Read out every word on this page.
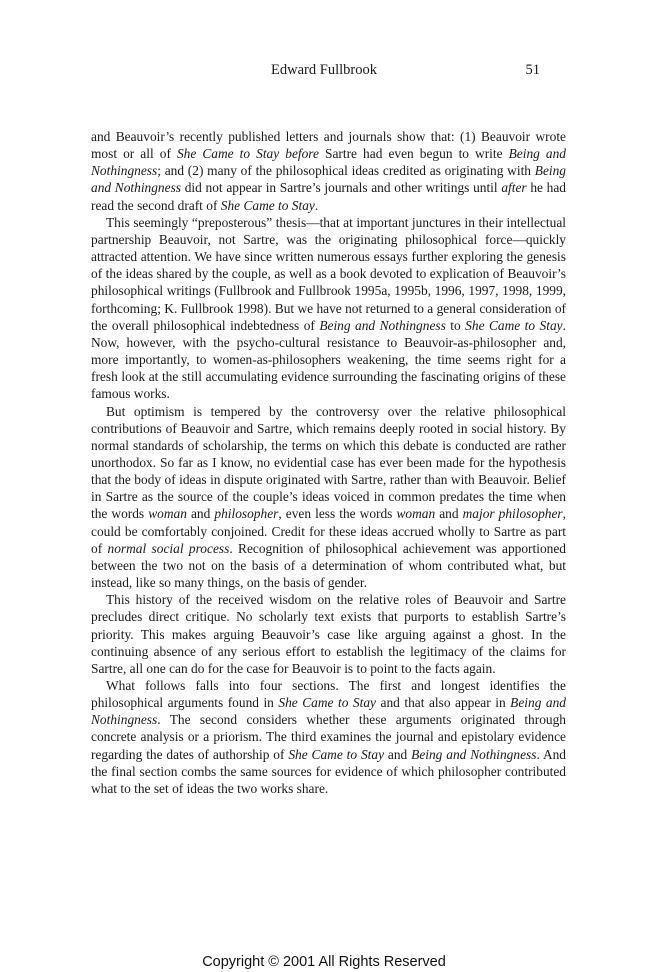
Edward Fullbrook	51

and Beauvoir’s recently published letters and journals show that: (1) Beauvoir wrote most or all of She Came to Stay before Sartre had even begun to write Being and Nothingness; and (2) many of the philosophical ideas credited as originating with Being and Nothingness did not appear in Sartre’s journals and other writings until after he had read the second draft of She Came to Stay.

This seemingly “preposterous” thesis—that at important junctures in their intellectual partnership Beauvoir, not Sartre, was the originating philosophical force—quickly attracted attention. We have since written numerous essays further exploring the genesis of the ideas shared by the couple, as well as a book devoted to explication of Beauvoir’s philosophical writings (Fullbrook and Fullbrook 1995a, 1995b, 1996, 1997, 1998, 1999, forthcoming; K. Fullbrook 1998). But we have not returned to a general consideration of the overall philosophical indebtedness of Being and Nothingness to She Came to Stay. Now, however, with the psycho-cultural resistance to Beauvoir-as-philosopher and, more importantly, to women-as-philosophers weakening, the time seems right for a fresh look at the still accumulating evidence surrounding the fascinating origins of these famous works.

But optimism is tempered by the controversy over the relative philosophical contributions of Beauvoir and Sartre, which remains deeply rooted in social history. By normal standards of scholarship, the terms on which this debate is conducted are rather unorthodox. So far as I know, no evidential case has ever been made for the hypothesis that the body of ideas in dispute originated with Sartre, rather than with Beauvoir. Belief in Sartre as the source of the couple’s ideas voiced in common predates the time when the words woman and philosopher, even less the words woman and major philosopher, could be comfortably conjoined. Credit for these ideas accrued wholly to Sartre as part of normal social process. Recognition of philosophical achievement was apportioned between the two not on the basis of a determination of whom contributed what, but instead, like so many things, on the basis of gender.

This history of the received wisdom on the relative roles of Beauvoir and Sartre precludes direct critique. No scholarly text exists that purports to establish Sartre’s priority. This makes arguing Beauvoir’s case like arguing against a ghost. In the continuing absence of any serious effort to establish the legitimacy of the claims for Sartre, all one can do for the case for Beauvoir is to point to the facts again.

What follows falls into four sections. The first and longest identifies the philosophical arguments found in She Came to Stay and that also appear in Being and Nothingness. The second considers whether these arguments originated through concrete analysis or a priorism. The third examines the journal and epistolary evidence regarding the dates of authorship of She Came to Stay and Being and Nothingness. And the final section combs the same sources for evidence of which philosopher contributed what to the set of ideas the two works share.

Copyright © 2001 All Rights Reserved
